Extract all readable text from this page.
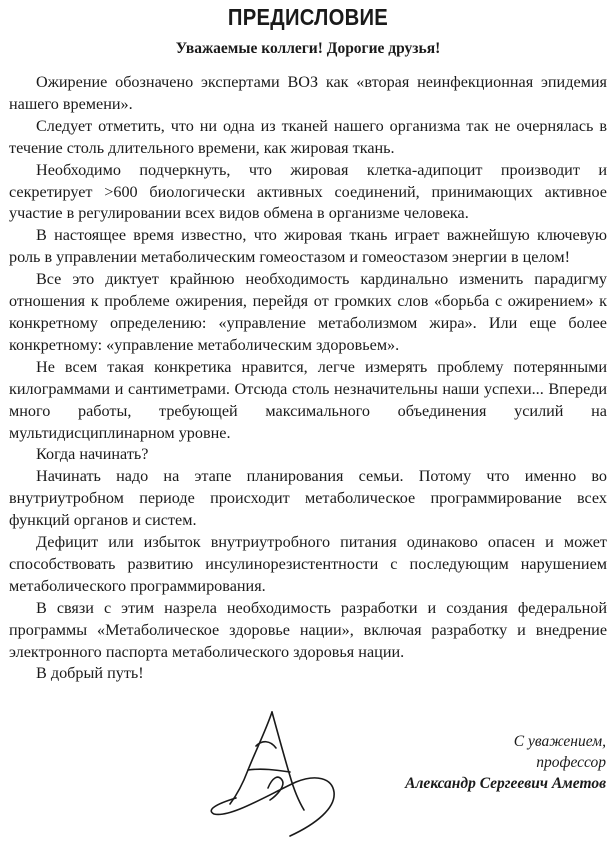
ПРЕДИСЛОВИЕ
Уважаемые коллеги! Дорогие друзья!

Ожирение обозначено экспертами ВОЗ как «вторая неинфекционная эпидемия нашего времени».

Следует отметить, что ни одна из тканей нашего организма так не очернялась в течение столь длительного времени, как жировая ткань.

Необходимо подчеркнуть, что жировая клетка-адипоцит производит и секретирует >600 биологически активных соединений, принимающих активное участие в регулировании всех видов обмена в организме человека.

В настоящее время известно, что жировая ткань играет важнейшую ключевую роль в управлении метаболическим гомеостазом и гомеостазом энергии в целом!

Все это диктует крайнюю необходимость кардинально изменить парадигму отношения к проблеме ожирения, перейдя от громких слов «борьба с ожирением» к конкретному определению: «управление метаболизмом жира». Или еще более конкретному: «управление метаболическим здоровьем».

Не всем такая конкретика нравится, легче измерять проблему потерянными килограммами и сантиметрами. Отсюда столь незначительны наши успехи... Впереди много работы, требующей максимального объединения усилий на мультидисциплинарном уровне.

Когда начинать?

Начинать надо на этапе планирования семьи. Потому что именно во внутриутробном периоде происходит метаболическое программирование всех функций органов и систем.

Дефицит или избыток внутриутробного питания одинаково опасен и может способствовать развитию инсулинорезистентности с последующим нарушением метаболического программирования.

В связи с этим назрела необходимость разработки и создания федеральной программы «Метаболическое здоровье нации», включая разработку и внедрение электронного паспорта метаболического здоровья нации.

В добрый путь!

С уважением,
профессор
Александр Сергеевич Аметов
